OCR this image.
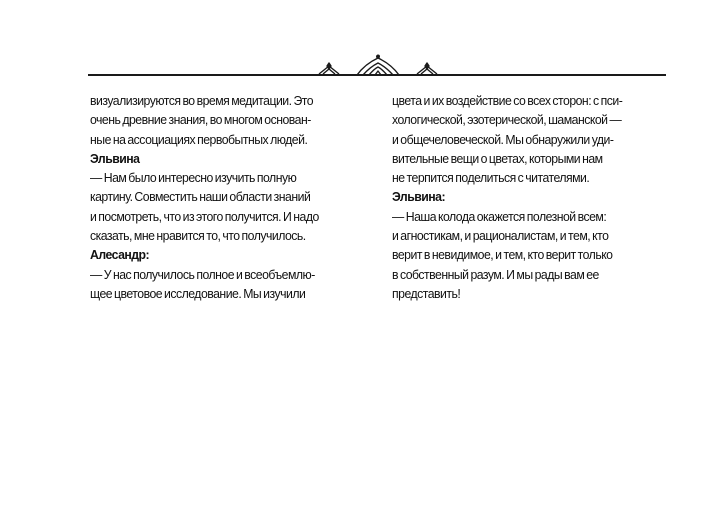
визуализируются во время медитации. Это
очень древние знания, во многом основан-
ные на ассоциациях первобытных людей.
Эльвина
— Нам было интересно изучить полную
картину. Совместить наши области знаний
и посмотреть, что из этого получится. И надо
сказать, мне нравится то, что получилось.
Алесандр:
— У нас получилось полное и всеобъемлю-
щее цветовое исследование. Мы изучили
цвета и их воздействие со всех сторон: с пси-
хологической, эзотерической, шаманской —
и общечеловеческой. Мы обнаружили уди-
вительные вещи о цветах, которыми нам
не терпится поделиться с читателями.
Эльвина:
— Наша колода окажется полезной всем:
и агностикам, и рационалистам, и тем, кто
верит в невидимое, и тем, кто верит только
в собственный разум. И мы рады вам ее
представить!
